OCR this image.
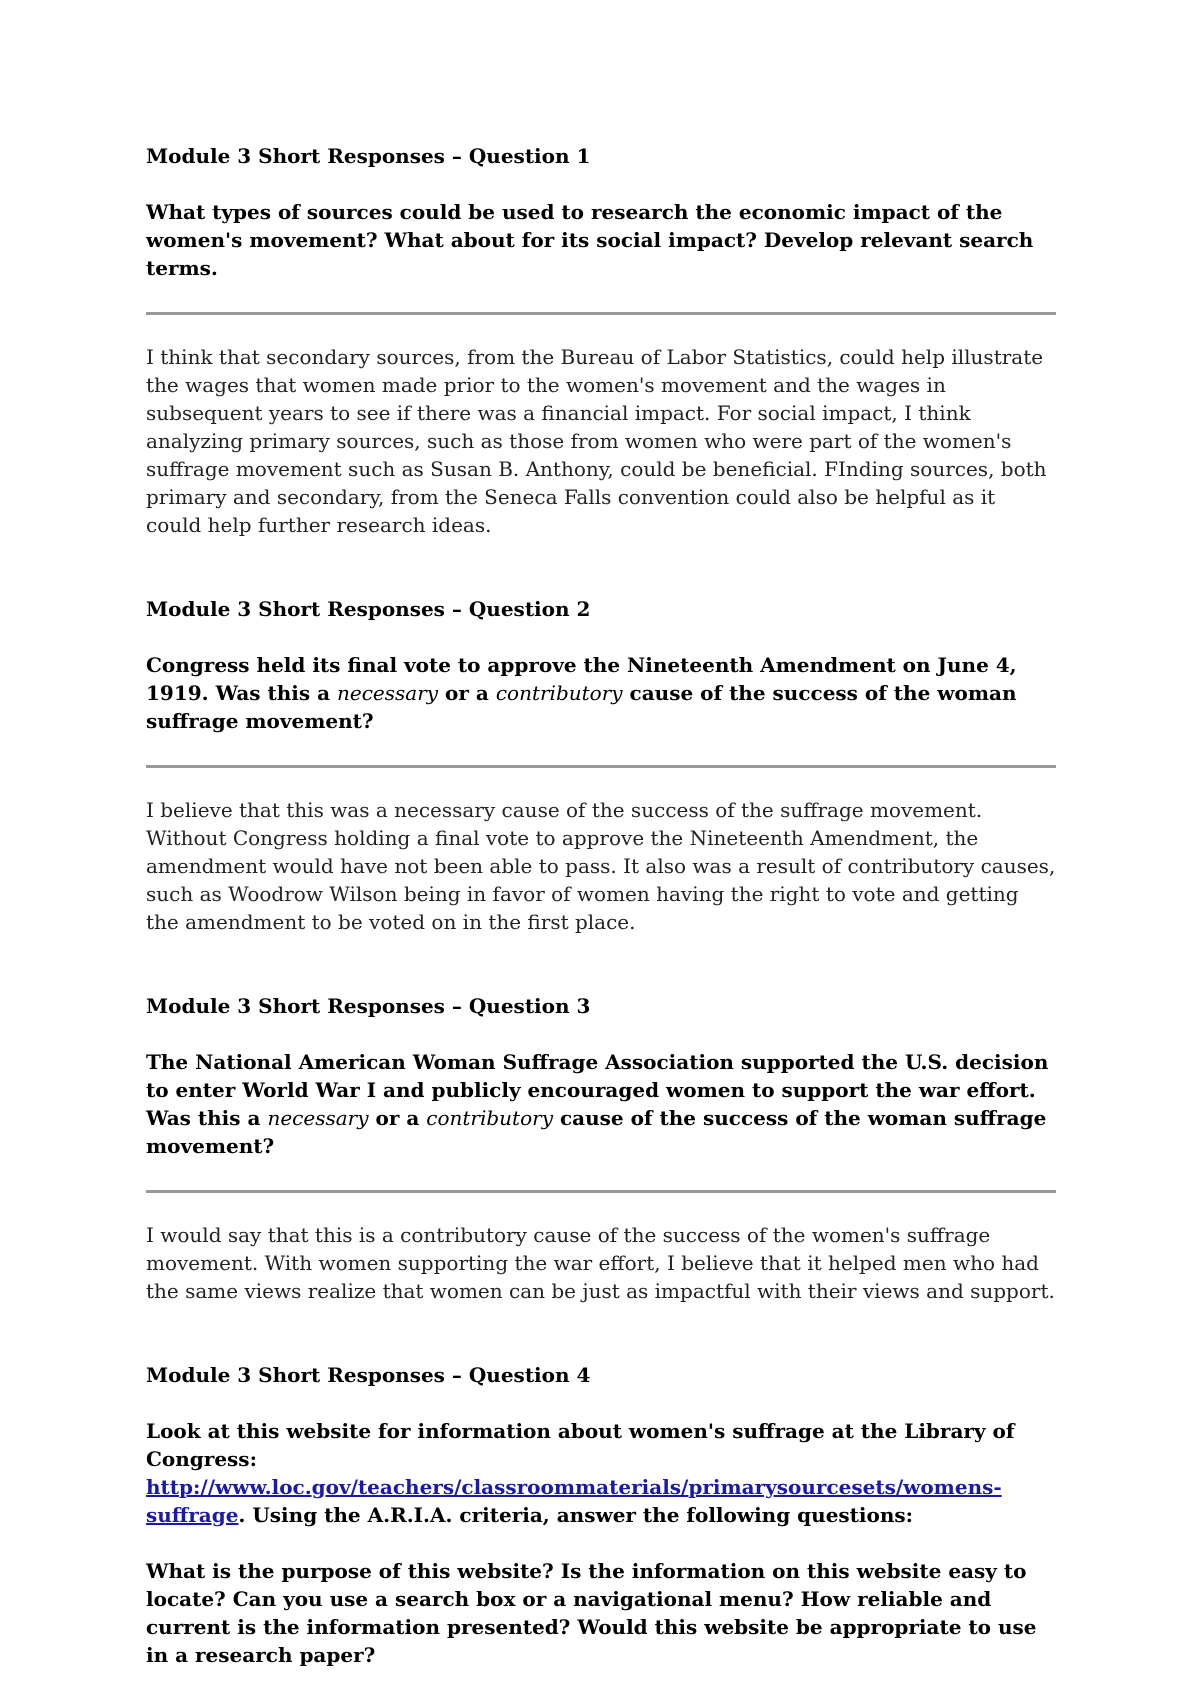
Module 3 Short Responses – Question 1

What types of sources could be used to research the economic impact of the women's movement? What about for its social impact? Develop relevant search terms.

I think that secondary sources, from the Bureau of Labor Statistics, could help illustrate the wages that women made prior to the women's movement and the wages in subsequent years to see if there was a financial impact. For social impact, I think analyzing primary sources, such as those from women who were part of the women's suffrage movement such as Susan B. Anthony, could be beneficial. FInding sources, both primary and secondary, from the Seneca Falls convention could also be helpful as it could help further research ideas.

Module 3 Short Responses – Question 2

Congress held its final vote to approve the Nineteenth Amendment on June 4, 1919. Was this a necessary or a contributory cause of the success of the woman suffrage movement?

I believe that this was a necessary cause of the success of the suffrage movement. Without Congress holding a final vote to approve the Nineteenth Amendment, the amendment would have not been able to pass. It also was a result of contributory causes, such as Woodrow Wilson being in favor of women having the right to vote and getting the amendment to be voted on in the first place.

Module 3 Short Responses – Question 3

The National American Woman Suffrage Association supported the U.S. decision to enter World War I and publicly encouraged women to support the war effort. Was this a necessary or a contributory cause of the success of the woman suffrage movement?

I would say that this is a contributory cause of the success of the women's suffrage movement. With women supporting the war effort, I believe that it helped men who had the same views realize that women can be just as impactful with their views and support.

Module 3 Short Responses – Question 4

Look at this website for information about women's suffrage at the Library of Congress: http://www.loc.gov/teachers/classroommaterials/primarysourcesets/womens-suffrage. Using the A.R.I.A. criteria, answer the following questions:

What is the purpose of this website? Is the information on this website easy to locate? Can you use a search box or a navigational menu? How reliable and current is the information presented? Would this website be appropriate to use in a research paper?
